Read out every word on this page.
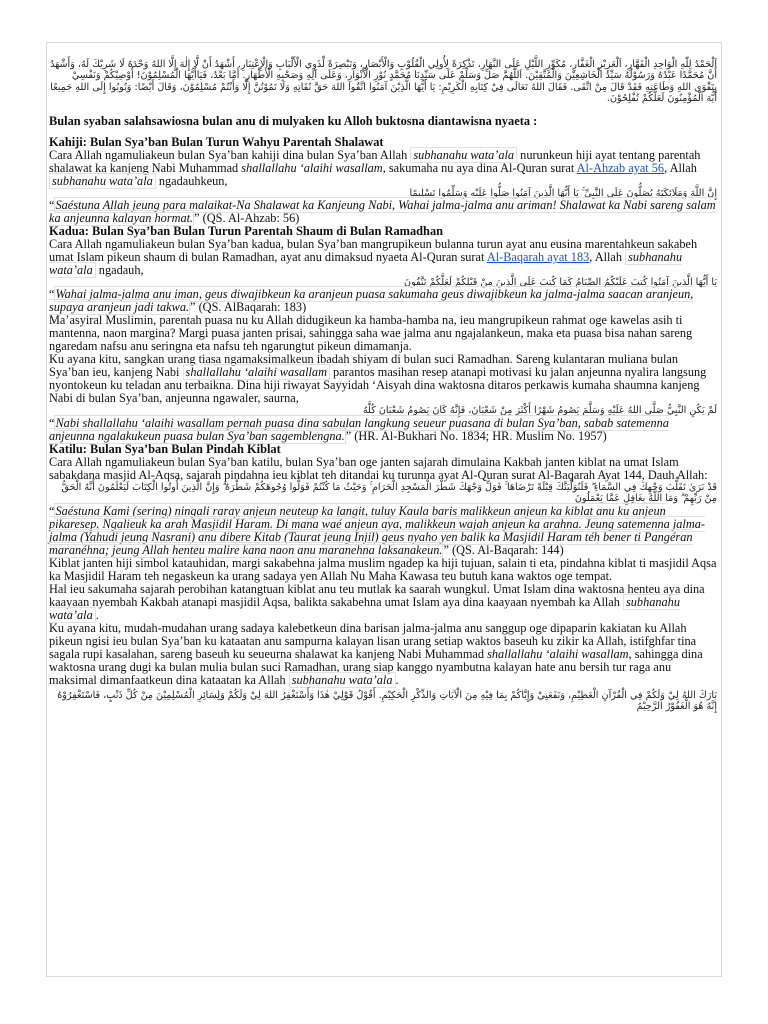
اَلْحَمْدُ لِلّٰهِ الْوَاحِدِ الْقَهَّارِ، اَلْعَزِيْزِ الْغَفَّارِ، مُكَوِّرِ اللَّيْلِ عَلَى النَّهَارِ، تَذْكِرَةً لِأُولِي الْقُلُوْبِ وَالْأَبْصَارِ، وَتَبْصِرَةً لِّذَوِي الْأَلْبَابِ وَالْإِعْتِبَارِ. أَشْهَدُ أَنْ لَّا إِلٰهَ إِلَّا اللهُ وَحْدَهُ لَا شَرِيْكَ لَهُ، وَأَشْهَدُ أَنَّ مُحَمَّدًا عَبْدُهُ وَرَسُوْلُهُ سَيِّدُ الْخَاشِعِيْنَ وَالْمُتَّقِيْنَ. اَللّٰهُمَّ صَلِّ وَسَلِّمْ عَلَى سَيِّدِنَا مُحَمَّدٍ نُوْرِ الْأَنْوَارِ، وَعَلَى آلِهِ وَصَحْبِهِ الْأَطْهَارِ. أَمَّا بَعْدُ، فَيَاأَيُّهَا الْمُسْلِمُوْنَ! أُوْصِيْكُمْ وَنَفْسِيْ بِتَقْوَى اللهِ وَطَاعَتِهِ فَقَدْ قَالَ مِنْ اتَّقَى. فَقَالَ اللهُ تَعَالَى فِيْ كِتَابِهِ الْكَرِيْمِ: يَا أَيُّهَا الَّذِيْنَ آمَنُوا اتَّقُوا اللهَ حَقَّ تُقَاتِهِ وَلَا تَمُوْتُنَّ إِلَّا وَأَنْتُمْ مُسْلِمُوْنَ، وَقَالَ أَيْضًا: وَتُوبُوا إِلَى اللهِ جَمِيعًا أَيُّهَ الْمُؤْمِنُونَ لَعَلَّكُمْ تُفْلِحُوْنَ.

Bulan syaban salahsawiosna bulan anu di mulyaken ku Alloh buktosna diantawisna nyaeta :

Kahiji: Bulan Sya’ban Bulan Turun Wahyu Parentah Shalawat

Cara Allah ngamuliakeun bulan Sya’ban kahiji dina bulan Sya’ban Allah subhanahu wata’ala nurunkeun hiji ayat tentang parentah shalawat ka kanjeng Nabi Muhammad shallallahu ‘alaihi wasallam, sakumaha nu aya dina Al-Quran surat Al-Ahzab ayat 56, Allah subhanahu wata’ala ngadauhkeun,

إِنَّ اللَّهَ وَمَلَائِكَتَهُ يُصَلُّونَ عَلَى النَّبِيِّ ۚ يَا أَيُّهَا الَّذِينَ آمَنُوا صَلُّوا عَلَيْهِ وَسَلِّمُوا تَسْلِيمًا

“Saéstuna Allah jeung para malaikat-Na Shalawat ka Kanjeung Nabi, Wahai jalma-jalma anu ariman! Shalawat ka Nabi sareng salam ka anjeunna kalayan hormat.” (QS. Al-Ahzab: 56)

Kadua: Bulan Sya’ban Bulan Turun Parentah Shaum di Bulan Ramadhan

Cara Allah ngamuliakeun bulan Sya’ban kadua, bulan Sya’ban mangrupikeun bulanna turun ayat anu eusina marentahkeun sakabeh umat Islam pikeun shaum di bulan Ramadhan, ayat anu dimaksud nyaeta Al-Quran surat Al-Baqarah ayat 183, Allah subhanahu wata’ala ngadauh,

يَا أَيُّهَا الَّذِينَ آمَنُوا كُتِبَ عَلَيْكُمُ الصِّيَامُ كَمَا كُتِبَ عَلَى الَّذِينَ مِنْ قَبْلِكُمْ لَعَلَّكُمْ تَتَّقُونَ

“Wahai jalma-jalma anu iman, geus diwajibkeun ka aranjeun puasa sakumaha geus diwajibkeun ka jalma-jalma saacan aranjeun, supaya aranjeun jadi takwa.” (QS. AlBaqarah: 183)

Ma’asyiral Muslimin, parentah puasa nu ku Allah didugikeun ka hamba-hamba na, ieu mangrupikeun rahmat oge kawelas asih ti mantenna, naon margina? Margi puasa janten prisai, sahingga saha wae jalma anu ngajalankeun, maka eta puasa bisa nahan sareng ngaredam nafsu anu seringna eta nafsu teh ngarungtut pikeun dimamanja.

Ku ayana kitu, sangkan urang tiasa ngamaksimalkeun ibadah shiyam di bulan suci Ramadhan. Sareng kulantaran muliana bulan Sya’ban ieu, kanjeng Nabi shallallahu ‘alaihi wasallam parantos masihan resep atanapi motivasi ku jalan anjeunna nyalira langsung nyontokeun ku teladan anu terbaikna. Dina hiji riwayat Sayyidah ‘Aisyah dina waktosna ditaros perkawis kumaha shaumna kanjeng Nabi di bulan Sya’ban, anjeunna ngawaler, saurna,

لَمْ يَكُنِ النَّبِيُّ صَلَّى اللهُ عَلَيْهِ وَسَلَّمَ يَصُومُ شَهْرًا أَكْثَرَ مِنْ شَعْبَانَ، فَإِنَّهُ كَانَ يَصُومُ شَعْبَانَ كُلَّهُ

“Nabi shallallahu ‘alaihi wasallam pernah puasa dina sabulan langkung seueur puasana di bulan Sya’ban, sabab satemenna anjeunna ngalakukeun puasa bulan Sya’ban sagemblengna.” (HR. Al-Bukhari No. 1834; HR. Muslim No. 1957)

Katilu: Bulan Sya’ban Bulan Pindah Kiblat

Cara Allah ngamuliakeun bulan Sya’ban katilu, bulan Sya’ban oge janten sajarah dimulaina Kakbah janten kiblat na umat Islam sabakdana masjid Al-Aqsa, sajarah pindahna ieu kiblat teh ditandai ku turunna ayat Al-Quran surat Al-Baqarah Ayat 144, Dauh Allah:

قَدْ نَرَىٰ تَقَلُّبَ وَجْهِكَ فِي السَّمَاءِ ۖ فَلَنُوَلِّيَنَّكَ قِبْلَةً تَرْضَاهَا ۚ فَوَلِّ وَجْهَكَ شَطْرَ الْمَسْجِدِ الْحَرَامِ ۚ وَحَيْثُ مَا كُنْتُمْ فَوَلُّوا وُجُوهَكُمْ شَطْرَهُ ۗ وَإِنَّ الَّذِينَ أُوتُوا الْكِتَابَ لَيَعْلَمُونَ أَنَّهُ الْحَقُّ مِنْ رَبِّهِمْ ۗ وَمَا اللَّهُ بِغَافِلٍ عَمَّا يَعْمَلُونَ

“Saéstuna Kami (sering) ningali raray anjeun neuteup ka langit, tuluy Kaula baris malikkeun anjeun ka kiblat anu ku anjeun pikaresep. Ngalieuk ka arah Masjidil Haram. Di mana waé anjeun aya, malikkeun wajah anjeun ka arahna. Jeung satemenna jalma-jalma (Yahudi jeung Nasrani) anu dibere Kitab (Taurat jeung Injil) geus nyaho yen balik ka Masjidil Haram téh bener ti Pangéran maranéhna; jeung Allah henteu malire kana naon anu maranehna laksanakeun.” (QS. Al-Baqarah: 144)

Kiblat janten hiji simbol katauhidan, margi sakabehna jalma muslim ngadep ka hiji tujuan, salain ti eta, pindahna kiblat ti masjidil Aqsa ka Masjidil Haram teh negaskeun ka urang sadaya yen Allah Nu Maha Kawasa teu butuh kana waktos oge tempat.

Hal ieu sakumaha sajarah perobihan katangtuan kiblat anu teu mutlak ka saarah wungkul. Umat Islam dina waktosna henteu aya dina kaayaan nyembah Kakbah atanapi masjidil Aqsa, balikta sakabehna umat Islam aya dina kaayaan nyembah ka Allah subhanahu wata’ala .

Ku ayana kitu, mudah-mudahan urang sadaya kalebetkeun dina barisan jalma-jalma anu sanggup oge dipaparin kakiatan ku Allah pikeun ngisi ieu bulan Sya’ban ku kataatan anu sampurna kalayan lisan urang setiap waktos baseuh ku zikir ka Allah, istifghfar tina sagala rupi kasalahan, sareng baseuh ku seueurna shalawat ka kanjeng Nabi Muhammad shallallahu ‘alaihi wasallam, sahingga dina waktosna urang dugi ka bulan mulia bulan suci Ramadhan, urang siap kanggo nyambutna kalayan hate anu bersih tur raga anu maksimal dimanfaatkeun dina kataatan ka Allah subhanahu wata’ala .

بَارَكَ اللهُ لِيْ وَلَكُمْ فِي الْقُرْآنِ الْعَظِيْمِ، وَنَفَعَنِيْ وَإِيَّاكُمْ بِمَا فِيْهِ مِنَ الْآيَاتِ وَالذِّكْرِ الْحَكِيْمِ. أَقُوْلُ قَوْلِيْ هٰذَا وَأَسْتَغْفِرُ اللهَ لِيْ وَلَكُمْ وَلِسَائِرِ الْمُسْلِمِيْنَ مِنْ كُلِّ ذَنْبٍ، فَاسْتَغْفِرُوْهُ إِنَّهُ هُوَ الْغَفُوْرُ الرَّحِيْمُ
